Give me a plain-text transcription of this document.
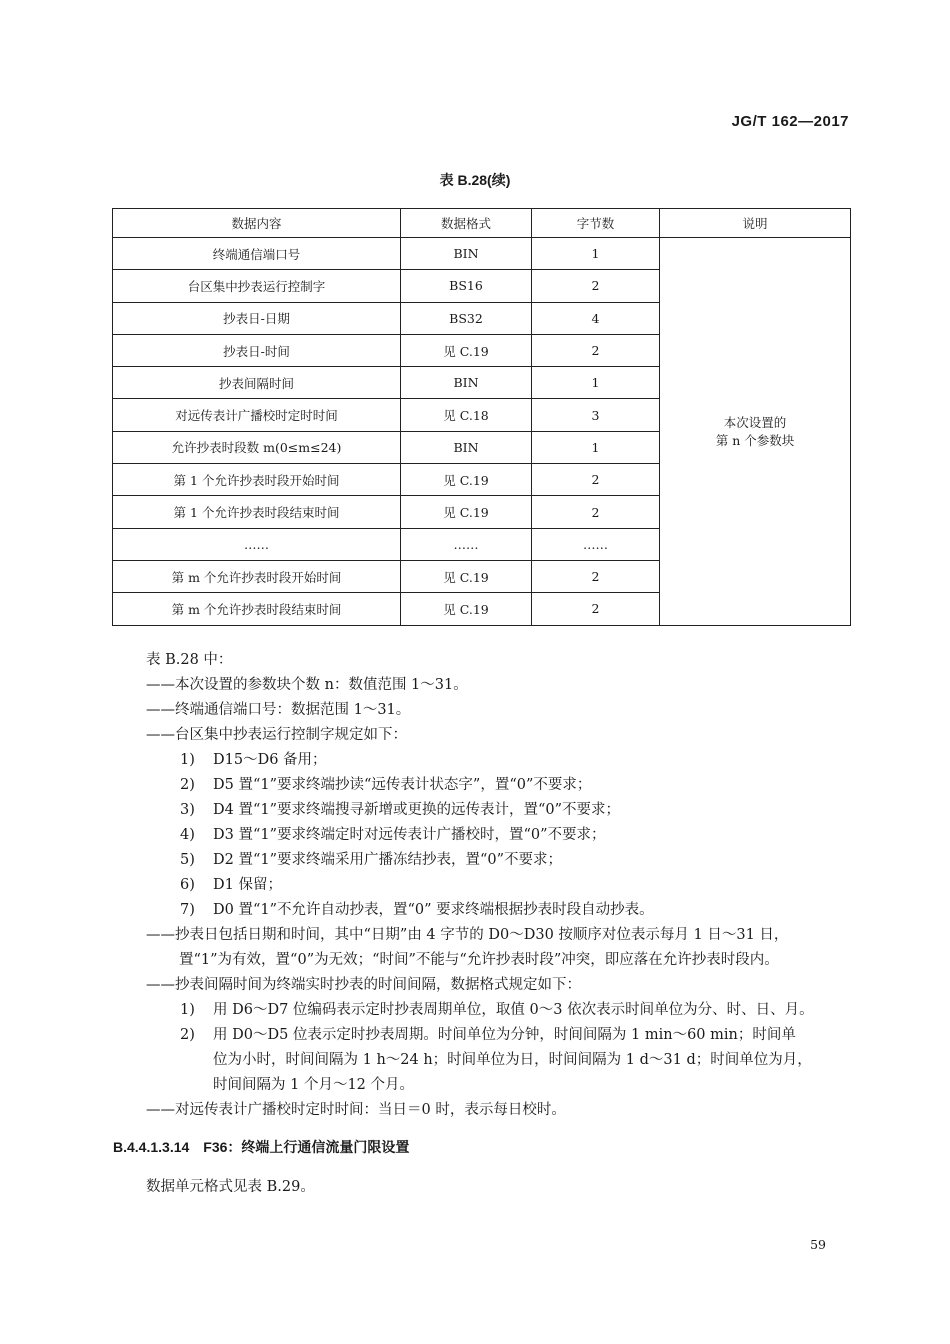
JG/T 162—2017
表 B.28(续)
数据内容	数据格式	字节数	说明
终端通信端口号	BIN	1	本次设置的
第 n 个参数块

台区集中抄表运行控制字	BS16	2	
抄表日-日期	BS32	4	
抄表日-时间	见 C.19	2	
抄表间隔时间	BIN	1	
对远传表计广播校时定时时间	见 C.18	3	
允许抄表时段数 m(0≤m≤24)	BIN	1	
第 1 个允许抄表时段开始时间	见 C.19	2	
第 1 个允许抄表时段结束时间	见 C.19	2	
……	……	……	
第 m 个允许抄表时段开始时间	见 C.19	2	
第 m 个允许抄表时段结束时间	见 C.19	2	
表 B.28 中：
——本次设置的参数块个数 n：数值范围 1～31。
——终端通信端口号：数据范围 1～31。
——台区集中抄表运行控制字规定如下：
1) D15～D6 备用；
2) D5 置“1”要求终端抄读“远传表计状态字”，置“0”不要求；
3) D4 置“1”要求终端搜寻新增或更换的远传表计，置“0”不要求；
4) D3 置“1”要求终端定时对远传表计广播校时，置“0”不要求；
5) D2 置“1”要求终端采用广播冻结抄表，置“0”不要求；
6) D1 保留；
7) D0 置“1”不允许自动抄表，置“0” 要求终端根据抄表时段自动抄表。
——抄表日包括日期和时间，其中“日期”由 4 字节的 D0～D30 按顺序对位表示每月 1 日～31 日，
置“1”为有效，置“0”为无效；“时间”不能与“允许抄表时段”冲突，即应落在允许抄表时段内。
——抄表间隔时间为终端实时抄表的时间间隔，数据格式规定如下：
1) 用 D6～D7 位编码表示定时抄表周期单位，取值 0～3 依次表示时间单位为分、时、日、月。
2) 用 D0～D5 位表示定时抄表周期。时间单位为分钟，时间间隔为 1 min～60 min；时间单
位为小时，时间间隔为 1 h～24 h；时间单位为日，时间间隔为 1 d～31 d；时间单位为月，
时间间隔为 1 个月～12 个月。
——对远传表计广播校时定时时间：当日＝0 时，表示每日校时。
B.4.4.1.3.14 F36：终端上行通信流量门限设置
数据单元格式见表 B.29。
59
